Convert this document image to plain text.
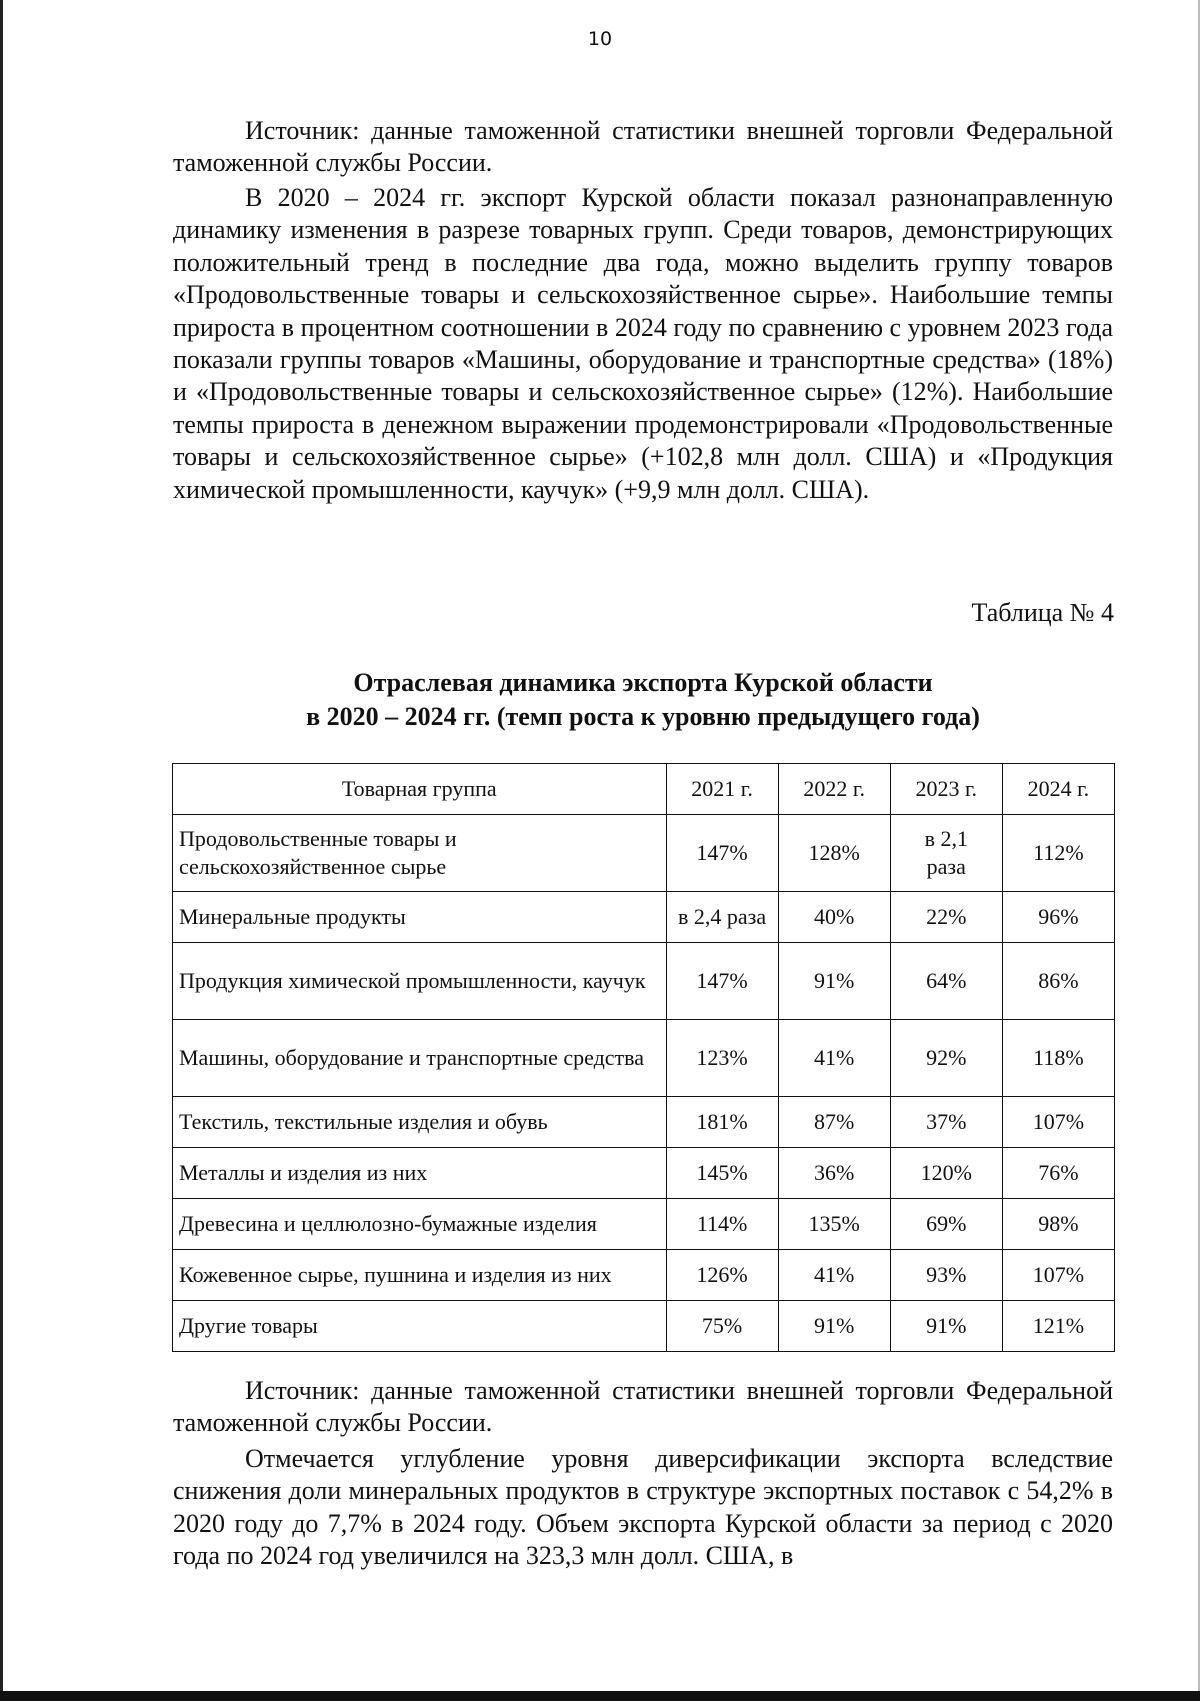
10

Источник: данные таможенной статистики внешней торговли Федеральной таможенной службы России.

В 2020 – 2024 гг. экспорт Курской области показал разнонаправленную динамику изменения в разрезе товарных групп. Среди товаров, демонстрирующих положительный тренд в последние два года, можно выделить группу товаров «Продовольственные товары и сельскохозяйственное сырье». Наибольшие темпы прироста в процентном соотношении в 2024 году по сравнению с уровнем 2023 года показали группы товаров «Машины, оборудование и транспортные средства» (18%) и «Продовольственные товары и сельскохозяйственное сырье» (12%). Наибольшие темпы прироста в денежном выражении продемонстрировали «Продовольственные товары и сельскохозяйственное сырье» (+102,8 млн долл. США) и «Продукция химической промышленности, каучук» (+9,9 млн долл. США).

Таблица № 4
Отраслевая динамика экспорта Курской области
в 2020 – 2024 гг. (темп роста к уровню предыдущего года)
Товарная группа	2021 г.	2022 г.	2023 г.	2024 г.
Продовольственные товары и сельскохозяйственное сырье	147%	128%	в 2,1 раза	112%
Минеральные продукты	в 2,4 раза	40%	22%	96%
Продукция химической промышленности, каучук	147%	91%	64%	86%
Машины, оборудование и транспортные средства	123%	41%	92%	118%
Текстиль, текстильные изделия и обувь	181%	87%	37%	107%
Металлы и изделия из них	145%	36%	120%	76%
Древесина и целлюлозно-бумажные изделия	114%	135%	69%	98%
Кожевенное сырье, пушнина и изделия из них	126%	41%	93%	107%
Другие товары	75%	91%	91%	121%

Источник: данные таможенной статистики внешней торговли Федеральной таможенной службы России.

Отмечается углубление уровня диверсификации экспорта вследствие снижения доли минеральных продуктов в структуре экспортных поставок с 54,2% в 2020 году до 7,7% в 2024 году. Объем экспорта Курской области за период с 2020 года по 2024 год увеличился на 323,3 млн долл. США, в
